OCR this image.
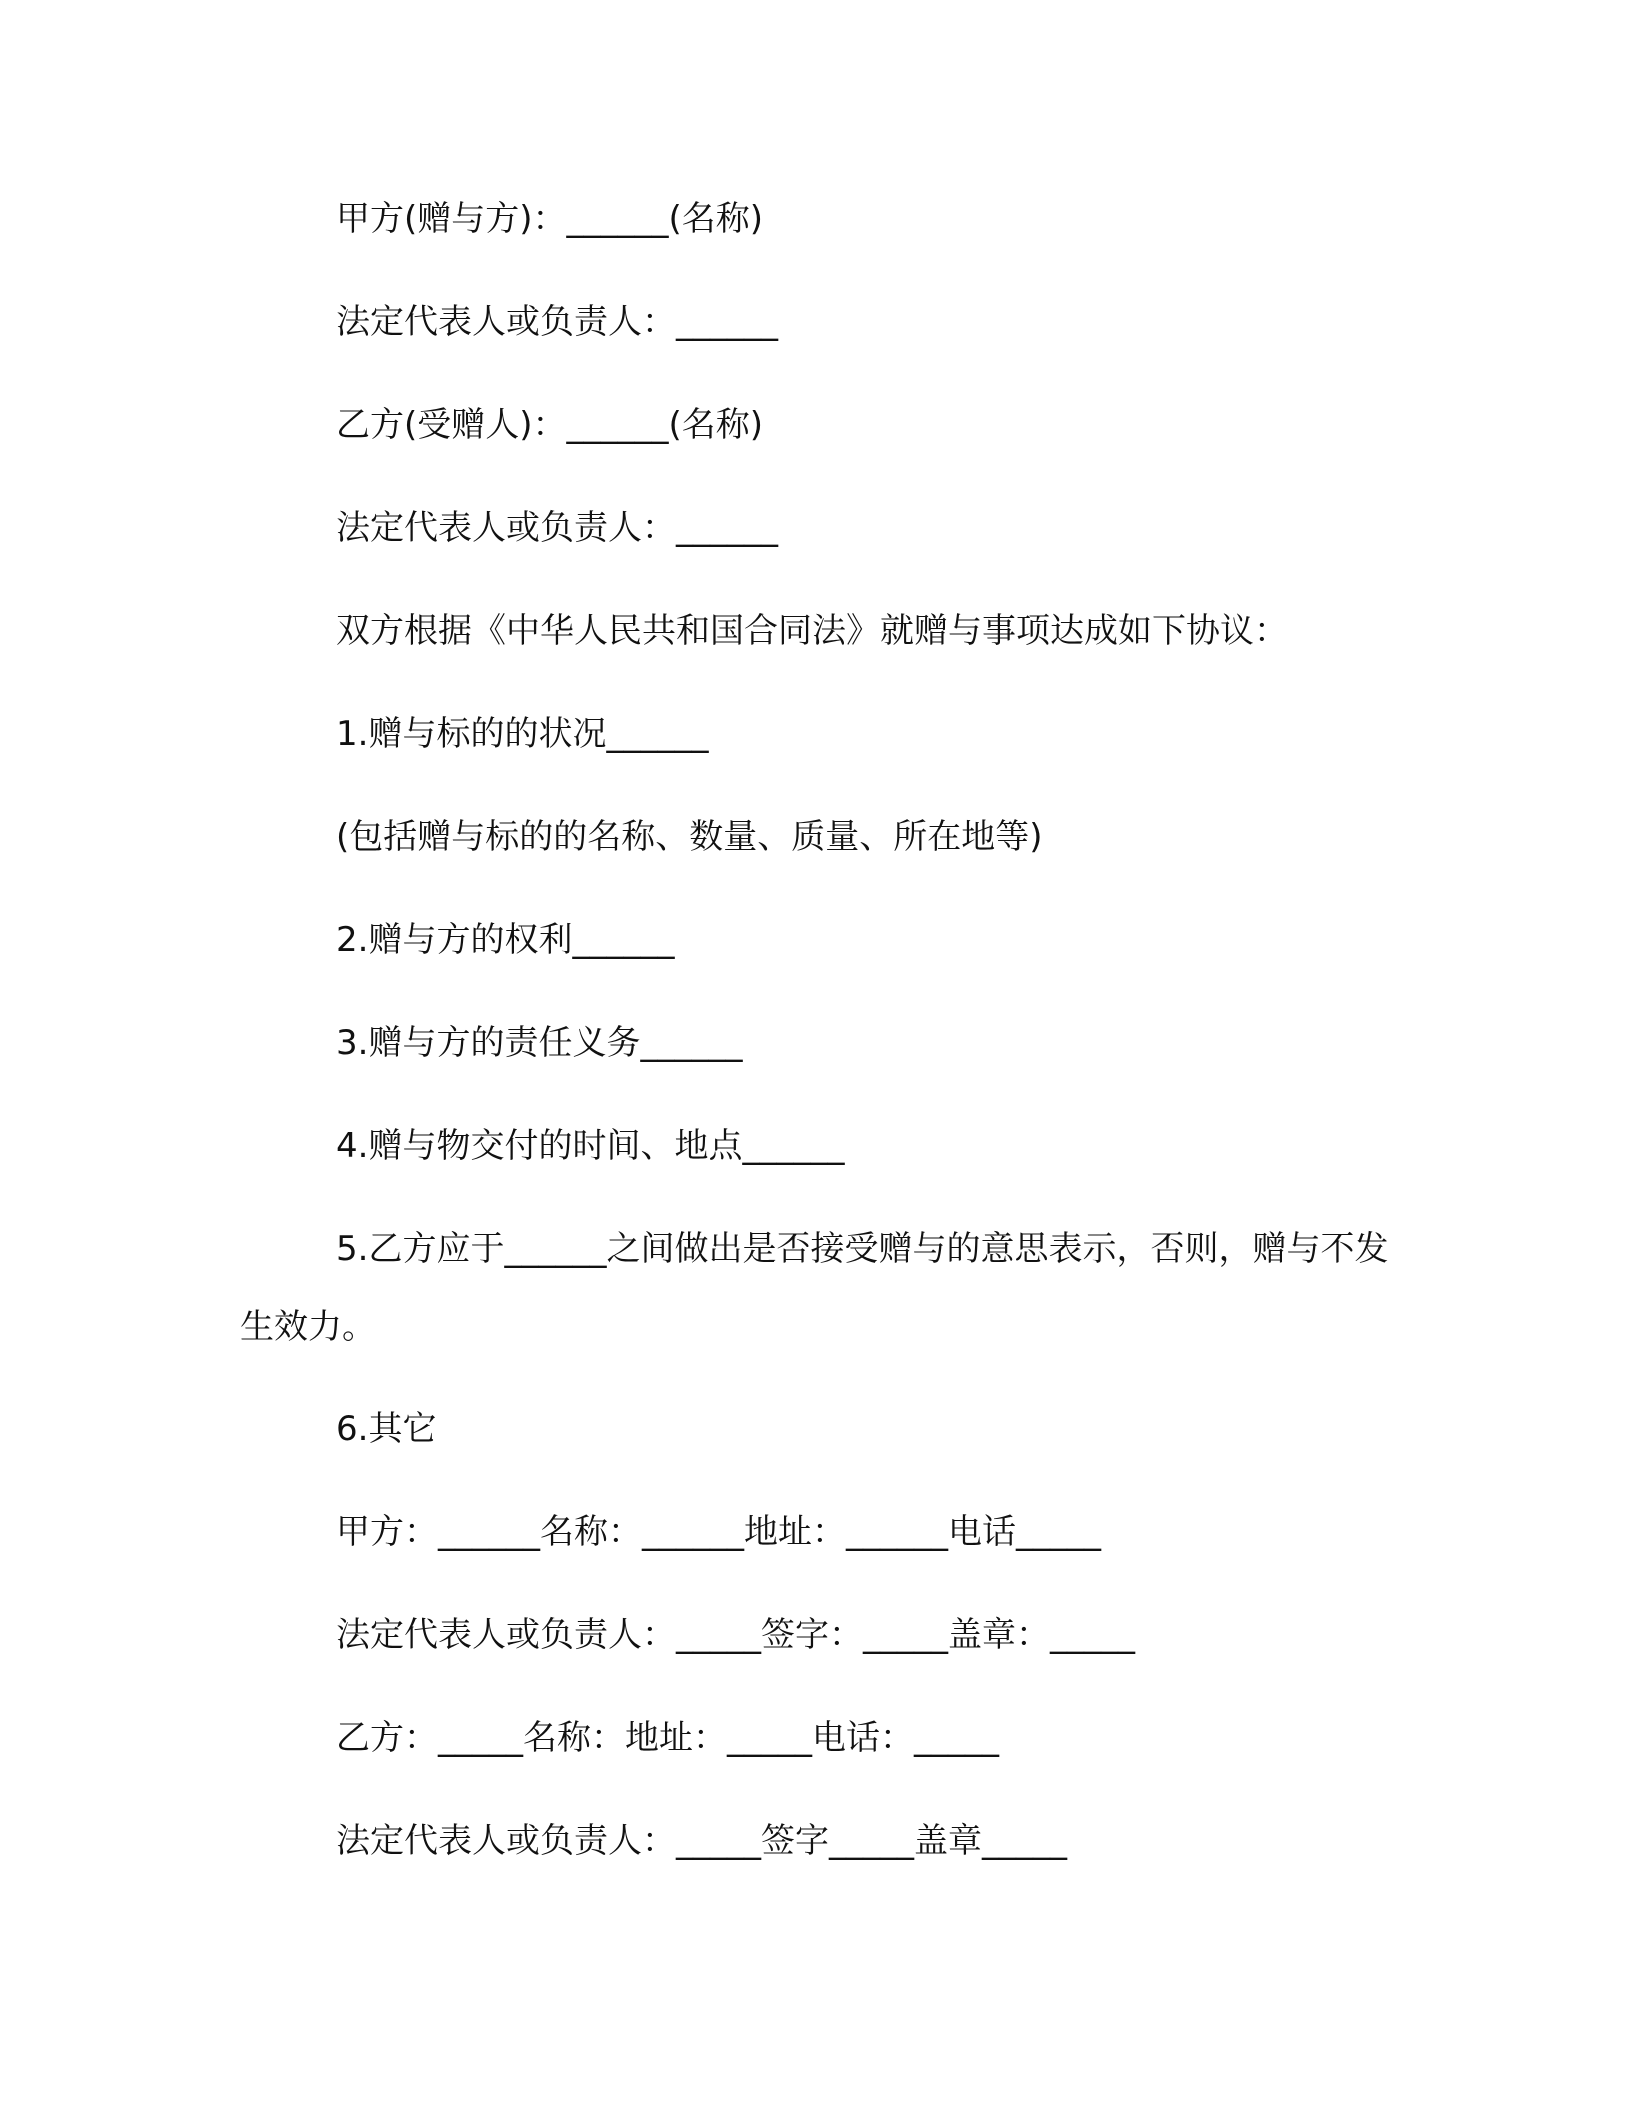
甲方(赠与方)：______(名称)
法定代表人或负责人：______
乙方(受赠人)：______(名称)
法定代表人或负责人：______
双方根据《中华人民共和国合同法》就赠与事项达成如下协议：
1.赠与标的的状况______
(包括赠与标的的名称、数量、质量、所在地等)
2.赠与方的权利______
3.赠与方的责任义务______
4.赠与物交付的时间、地点______
5.乙方应于______之间做出是否接受赠与的意思表示，否则，赠与不发生效力。
6.其它
甲方：______名称：______地址：______电话_____
法定代表人或负责人：_____签字：_____盖章：_____
乙方：_____名称：地址：_____电话：_____
法定代表人或负责人：_____签字_____盖章_____
